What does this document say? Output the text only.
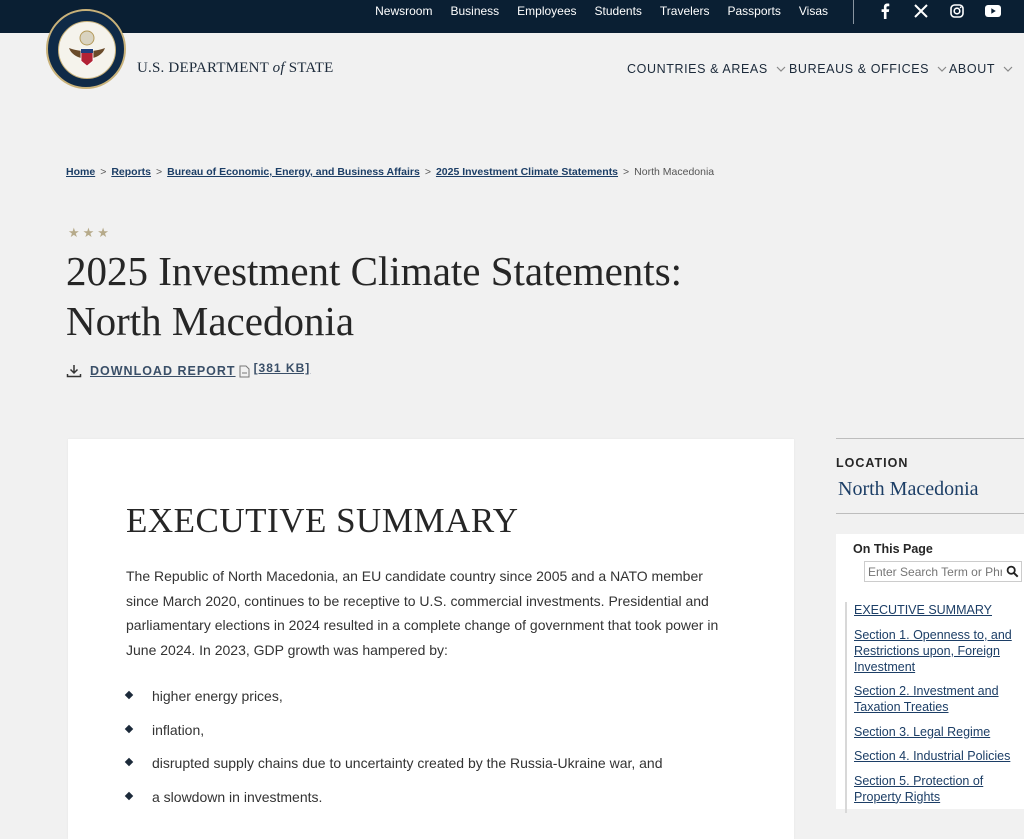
Newsroom Business Employees Students Travelers Passports Visas
U.S. DEPARTMENT of STATE	COUNTRIES & AREAS BUREAUS & OFFICES ABOUT
Home > Reports > Bureau of Economic, Energy, and Business Affairs > 2025 Investment Climate Statements > North Macedonia
★★★
2025 Investment Climate Statements: North Macedonia
DOWNLOAD REPORT [381 KB]
EXECUTIVE SUMMARY

The Republic of North Macedonia, an EU candidate country since 2005 and a NATO member since March 2020, continues to be receptive to U.S. commercial investments. Presidential and parliamentary elections in 2024 resulted in a complete change of government that took power in June 2024. In 2023, GDP growth was hampered by:

higher energy prices,
inflation,
disrupted supply chains due to uncertainty created by the Russia-Ukraine war, and
a slowdown in investments.
LOCATION
North Macedonia
On This Page
Enter Search Term or Phrase
EXECUTIVE SUMMARY
Section 1. Openness to, and Restrictions upon, Foreign Investment
Section 2. Investment and Taxation Treaties
Section 3. Legal Regime
Section 4. Industrial Policies
Section 5. Protection of Property Rights
